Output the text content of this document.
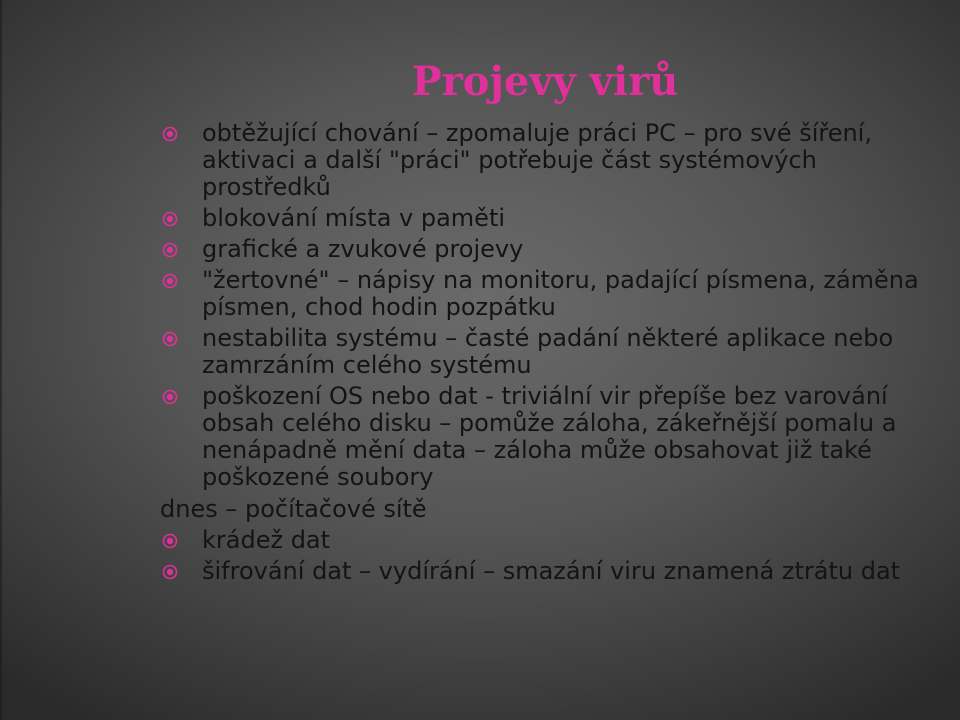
Projevy virů
obtěžující chování – zpomaluje práci PC – pro své šíření, aktivaci a další "práci" potřebuje část systémových prostředků
blokování místa v paměti
grafické a zvukové projevy
"žertovné" – nápisy na monitoru, padající písmena, záměna písmen, chod hodin pozpátku
nestabilita systému – časté padání některé aplikace nebo zamrzáním celého systému
poškození OS nebo dat - triviální vir přepíše bez varování obsah celého disku – pomůže záloha, zákeřnější pomalu a nenápadně mění data – záloha může obsahovat již také poškozené soubory
dnes – počítačové sítě
krádež dat
šifrování dat – vydírání – smazání viru znamená ztrátu dat
